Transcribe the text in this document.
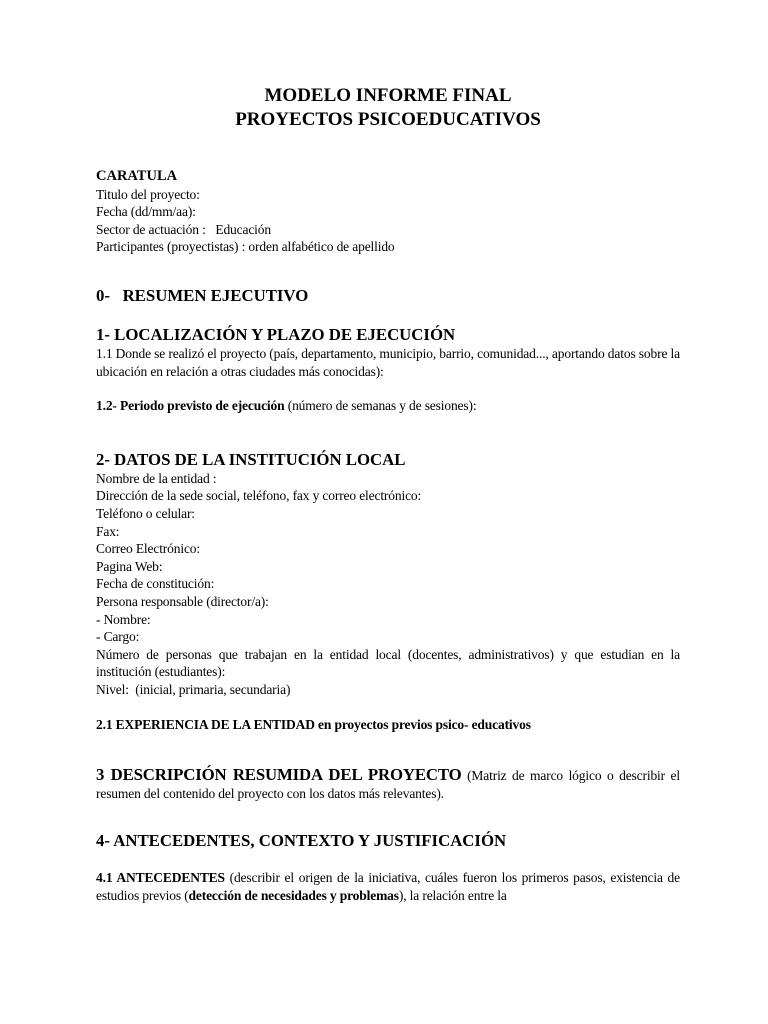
MODELO INFORME FINAL
PROYECTOS PSICOEDUCATIVOS
CARATULA
Titulo del proyecto:
Fecha (dd/mm/aa):
Sector de actuación :   Educación
Participantes (proyectistas) : orden alfabético de apellido
0-   RESUMEN EJECUTIVO
1- LOCALIZACIÓN Y PLAZO DE EJECUCIÓN
1.1 Donde se realizó el proyecto (país, departamento, municipio, barrio, comunidad..., aportando datos sobre la ubicación en relación a otras ciudades más conocidas):
1.2- Periodo previsto de ejecución (número de semanas y de sesiones):
2- DATOS DE LA INSTITUCIÓN LOCAL
Nombre de la entidad :
Dirección de la sede social, teléfono, fax y correo electrónico:
Teléfono o celular:
Fax:
Correo Electrónico:
Pagina Web:
Fecha de constitución:
Persona responsable (director/a):
- Nombre:
- Cargo:
Número de personas que trabajan en la entidad local (docentes, administrativos) y que estudian en la institución (estudiantes):
Nivel:  (inicial, primaria, secundaria)
2.1 EXPERIENCIA DE LA ENTIDAD en proyectos previos psico- educativos
3 DESCRIPCIÓN RESUMIDA DEL PROYECTO (Matriz de marco lógico o describir el resumen del contenido del proyecto con los datos más relevantes).
4- ANTECEDENTES, CONTEXTO Y JUSTIFICACIÓN
4.1 ANTECEDENTES (describir el origen de la iniciativa, cuáles fueron los primeros pasos, existencia de estudios previos (detección de necesidades y problemas), la relación entre la
